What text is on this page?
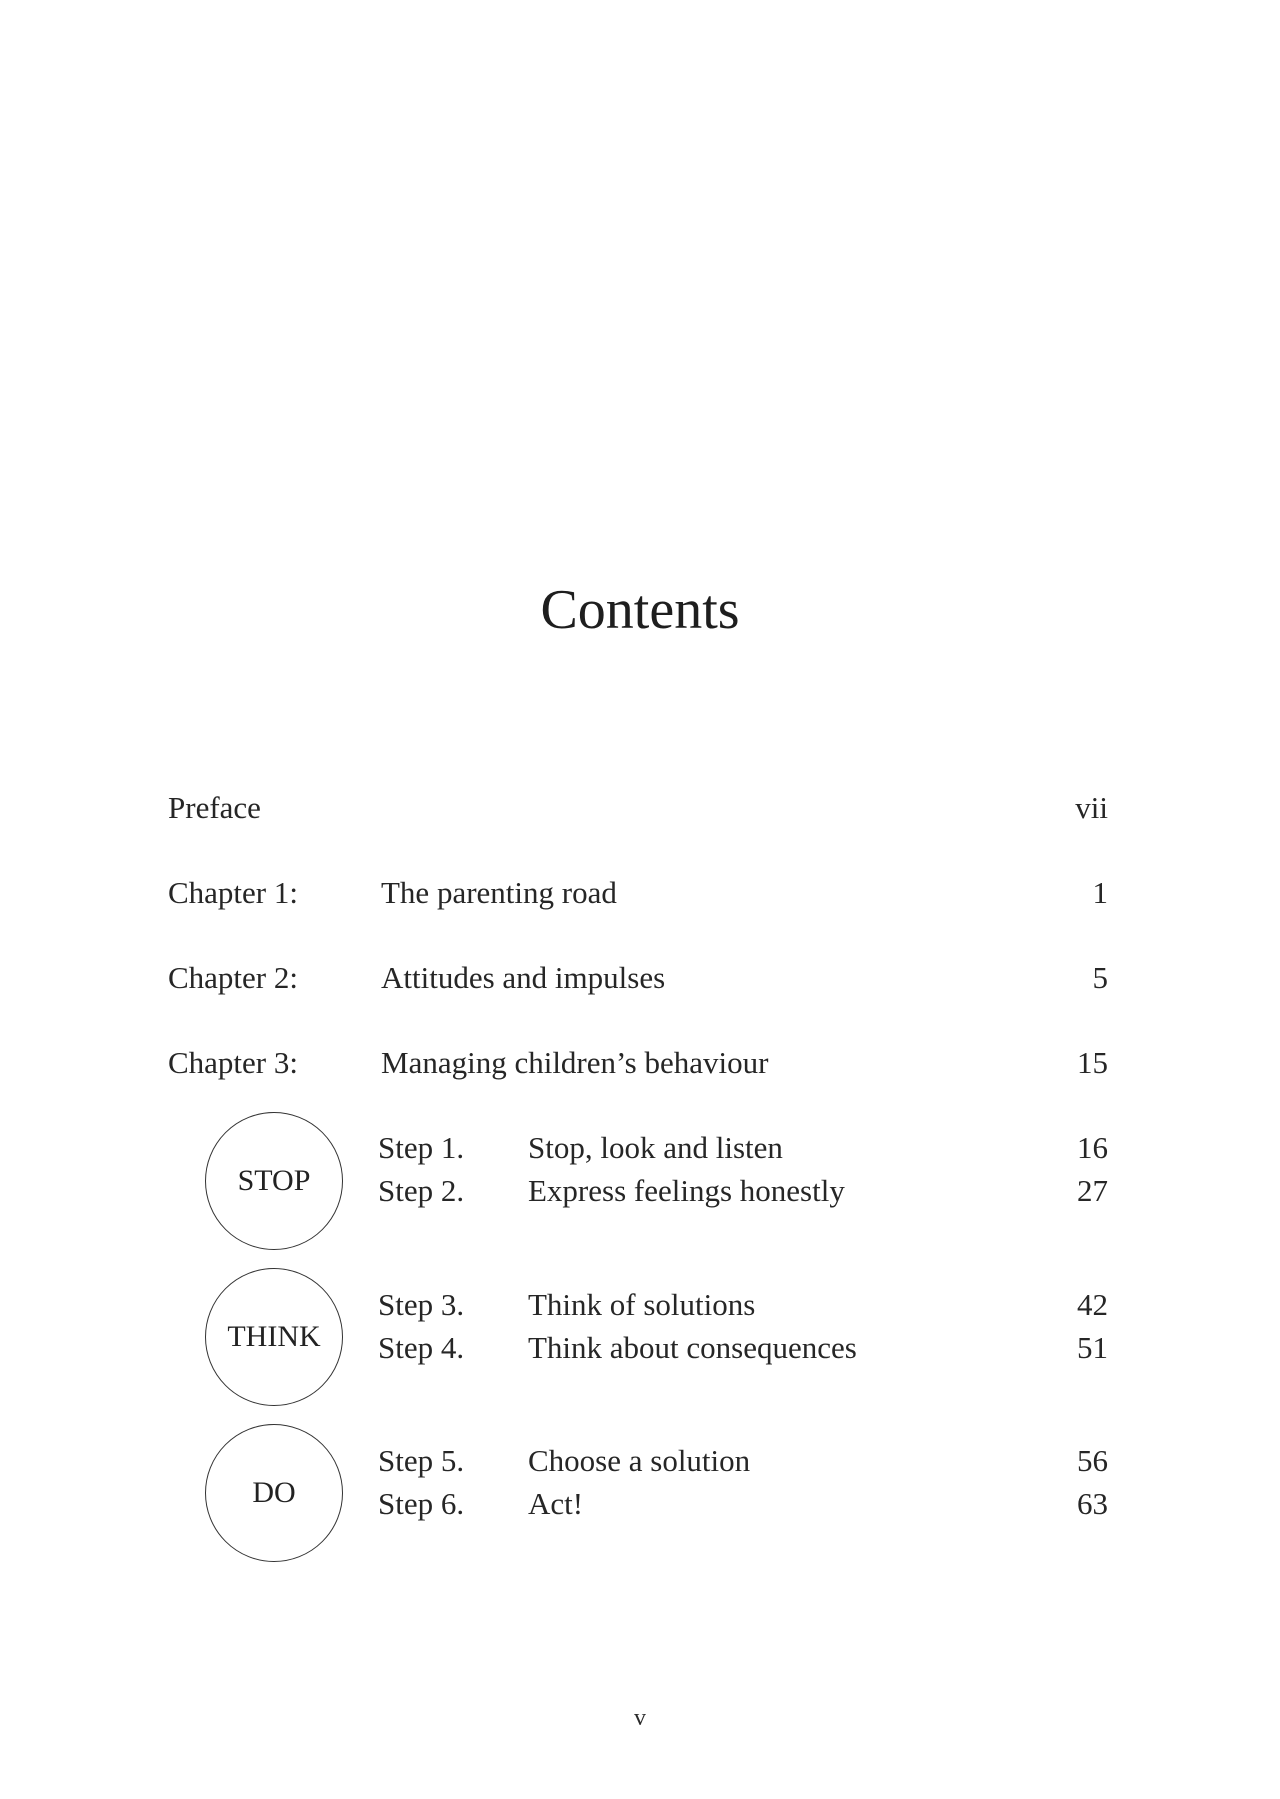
Contents
Preface	vii
Chapter 1:	The parenting road	1
Chapter 2:	Attitudes and impulses	5
Chapter 3:	Managing children’s behaviour	15
STOP
Step 1. Stop, look and listen	16
Step 2. Express feelings honestly	27
THINK
Step 3. Think of solutions	42
Step 4. Think about consequences	51
DO
Step 5. Choose a solution	56
Step 6. Act!	63
v
